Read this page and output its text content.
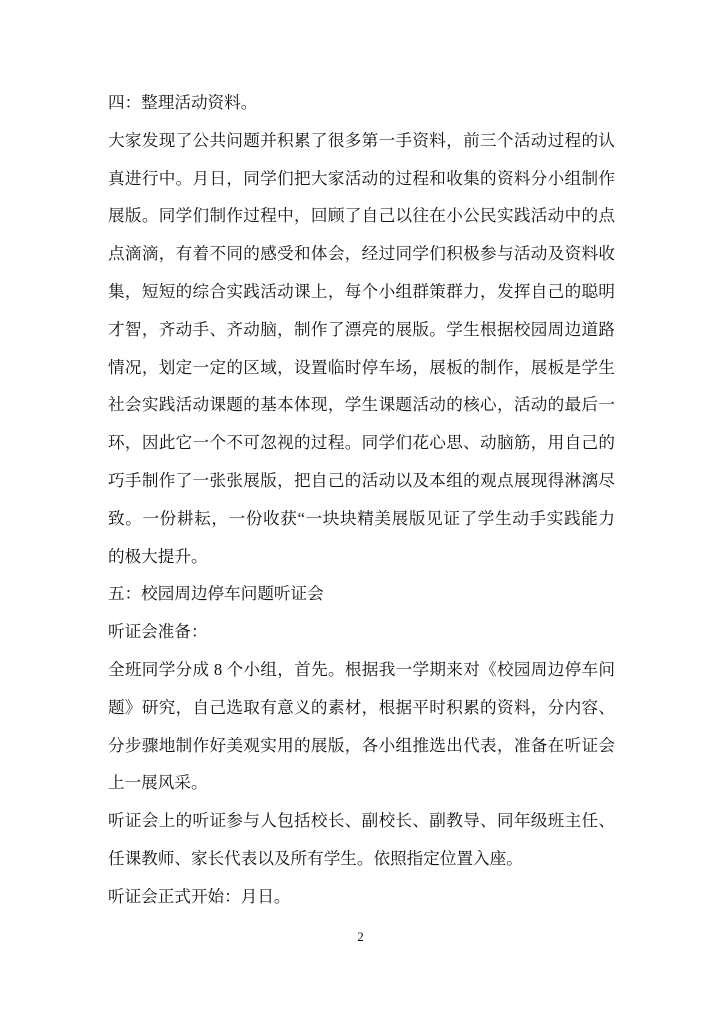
四：整理活动资料。
大家发现了公共问题并积累了很多第一手资料，前三个活动过程的认
真进行中。月日，同学们把大家活动的过程和收集的资料分小组制作
展版。同学们制作过程中，回顾了自己以往在小公民实践活动中的点
点滴滴，有着不同的感受和体会，经过同学们积极参与活动及资料收
集，短短的综合实践活动课上，每个小组群策群力，发挥自己的聪明
才智，齐动手、齐动脑，制作了漂亮的展版。学生根据校园周边道路
情况，划定一定的区域，设置临时停车场，展板的制作，展板是学生
社会实践活动课题的基本体现，学生课题活动的核心，活动的最后一
环，因此它一个不可忽视的过程。同学们花心思、动脑筋，用自己的
巧手制作了一张张展版，把自己的活动以及本组的观点展现得淋漓尽
致。一份耕耘，一份收获“一块块精美展版见证了学生动手实践能力
的极大提升。
五：校园周边停车问题听证会
听证会准备：
全班同学分成 8 个小组，首先。根据我一学期来对《校园周边停车问
题》研究，自己选取有意义的素材，根据平时积累的资料，分内容、
分步骤地制作好美观实用的展版，各小组推选出代表，准备在听证会
上一展风采。
听证会上的听证参与人包括校长、副校长、副教导、同年级班主任、
任课教师、家长代表以及所有学生。依照指定位置入座。
听证会正式开始：月日。
2
